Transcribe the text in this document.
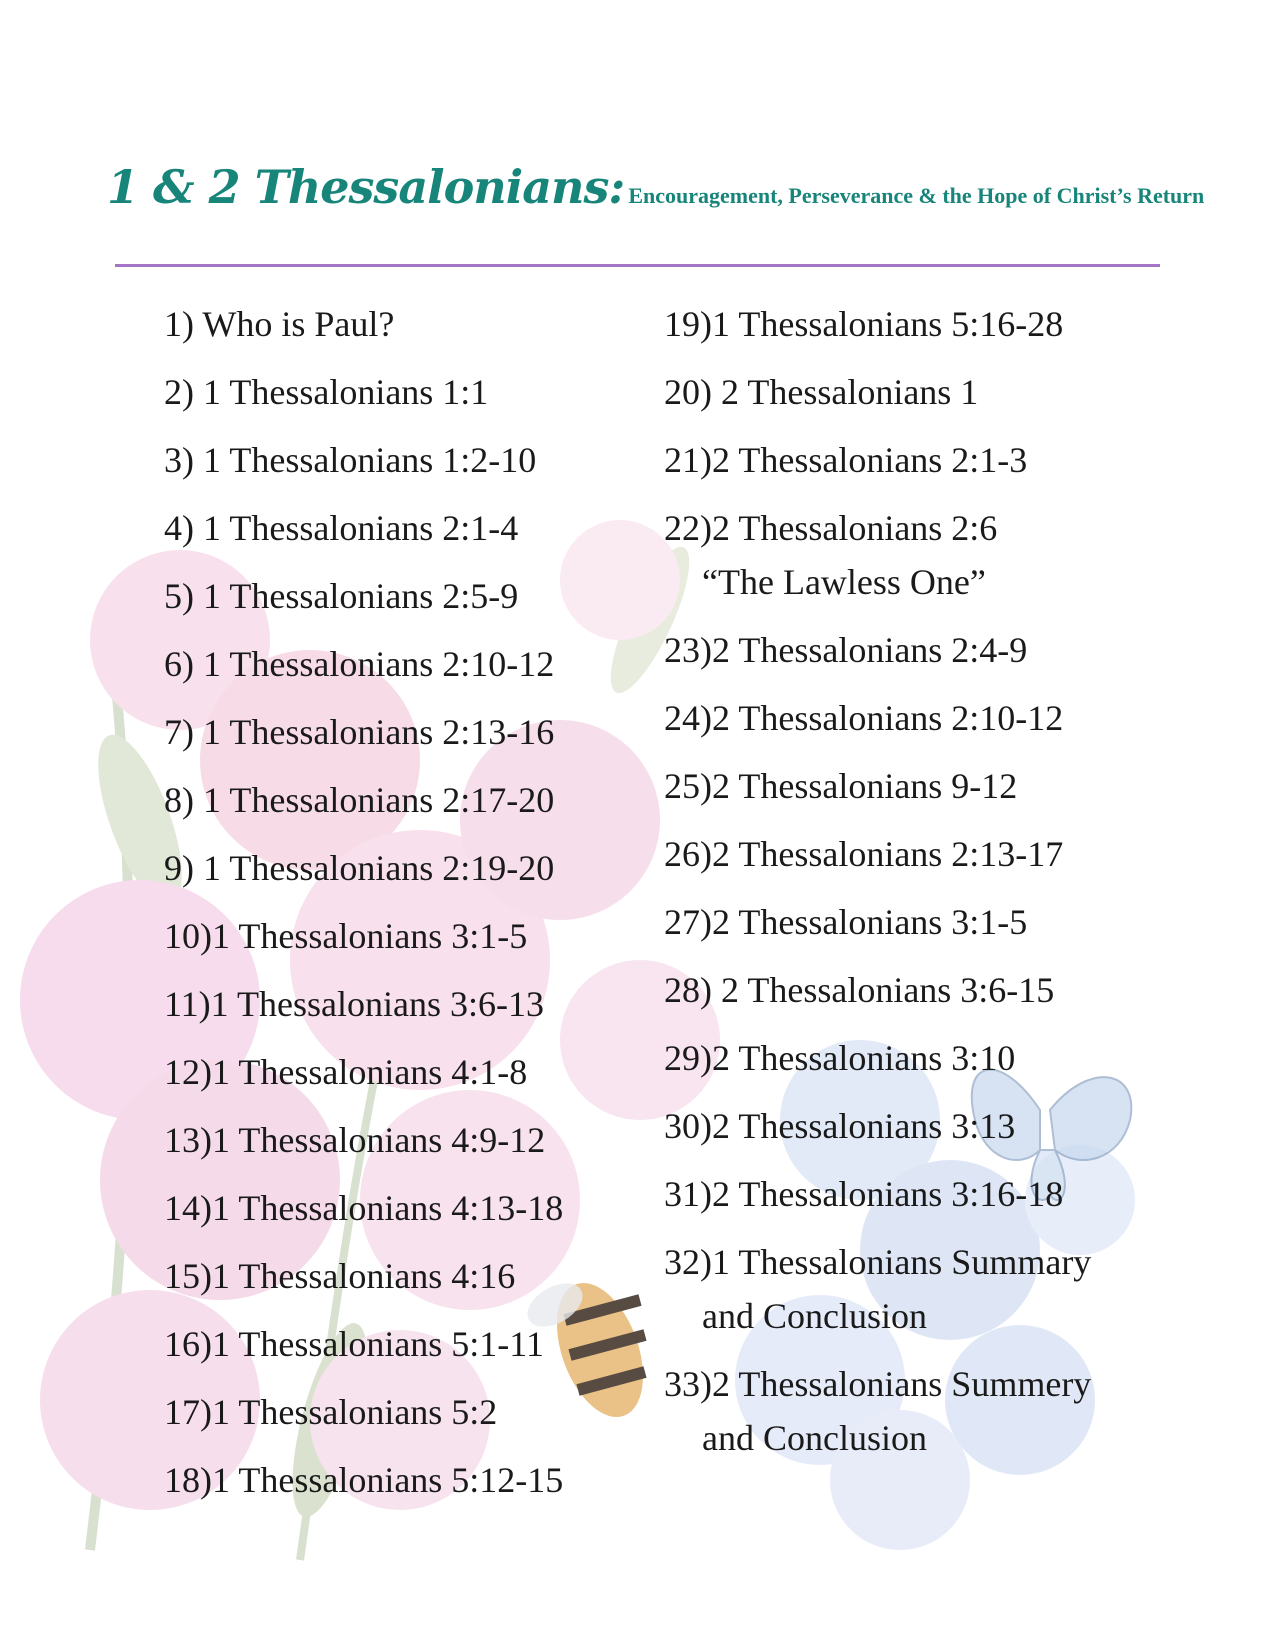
1 & 2 Thessalonians: Encouragement, Perseverance & the Hope of Christ’s Return
1) Who is Paul?
2) 1 Thessalonians 1:1
3) 1 Thessalonians 1:2-10
4) 1 Thessalonians 2:1-4
5) 1 Thessalonians 2:5-9
6) 1 Thessalonians 2:10-12
7) 1 Thessalonians 2:13-16
8) 1 Thessalonians 2:17-20
9) 1 Thessalonians 2:19-20
10)1 Thessalonians 3:1-5
11)1 Thessalonians 3:6-13
12)1 Thessalonians 4:1-8
13)1 Thessalonians 4:9-12
14)1 Thessalonians 4:13-18
15)1 Thessalonians 4:16
16)1 Thessalonians 5:1-11
17)1 Thessalonians 5:2
18)1 Thessalonians 5:12-15
19)1 Thessalonians 5:16-28
20) 2 Thessalonians 1
21)2 Thessalonians 2:1-3
22)2 Thessalonians 2:6
“The Lawless One”
23)2 Thessalonians 2:4-9
24)2 Thessalonians 2:10-12
25)2 Thessalonians 9-12
26)2 Thessalonians 2:13-17
27)2 Thessalonians 3:1-5
28) 2 Thessalonians 3:6-15
29)2 Thessalonians 3:10
30)2 Thessalonians 3:13
31)2 Thessalonians 3:16-18
32)1 Thessalonians Summary
and Conclusion
33)2 Thessalonians Summery
and Conclusion
